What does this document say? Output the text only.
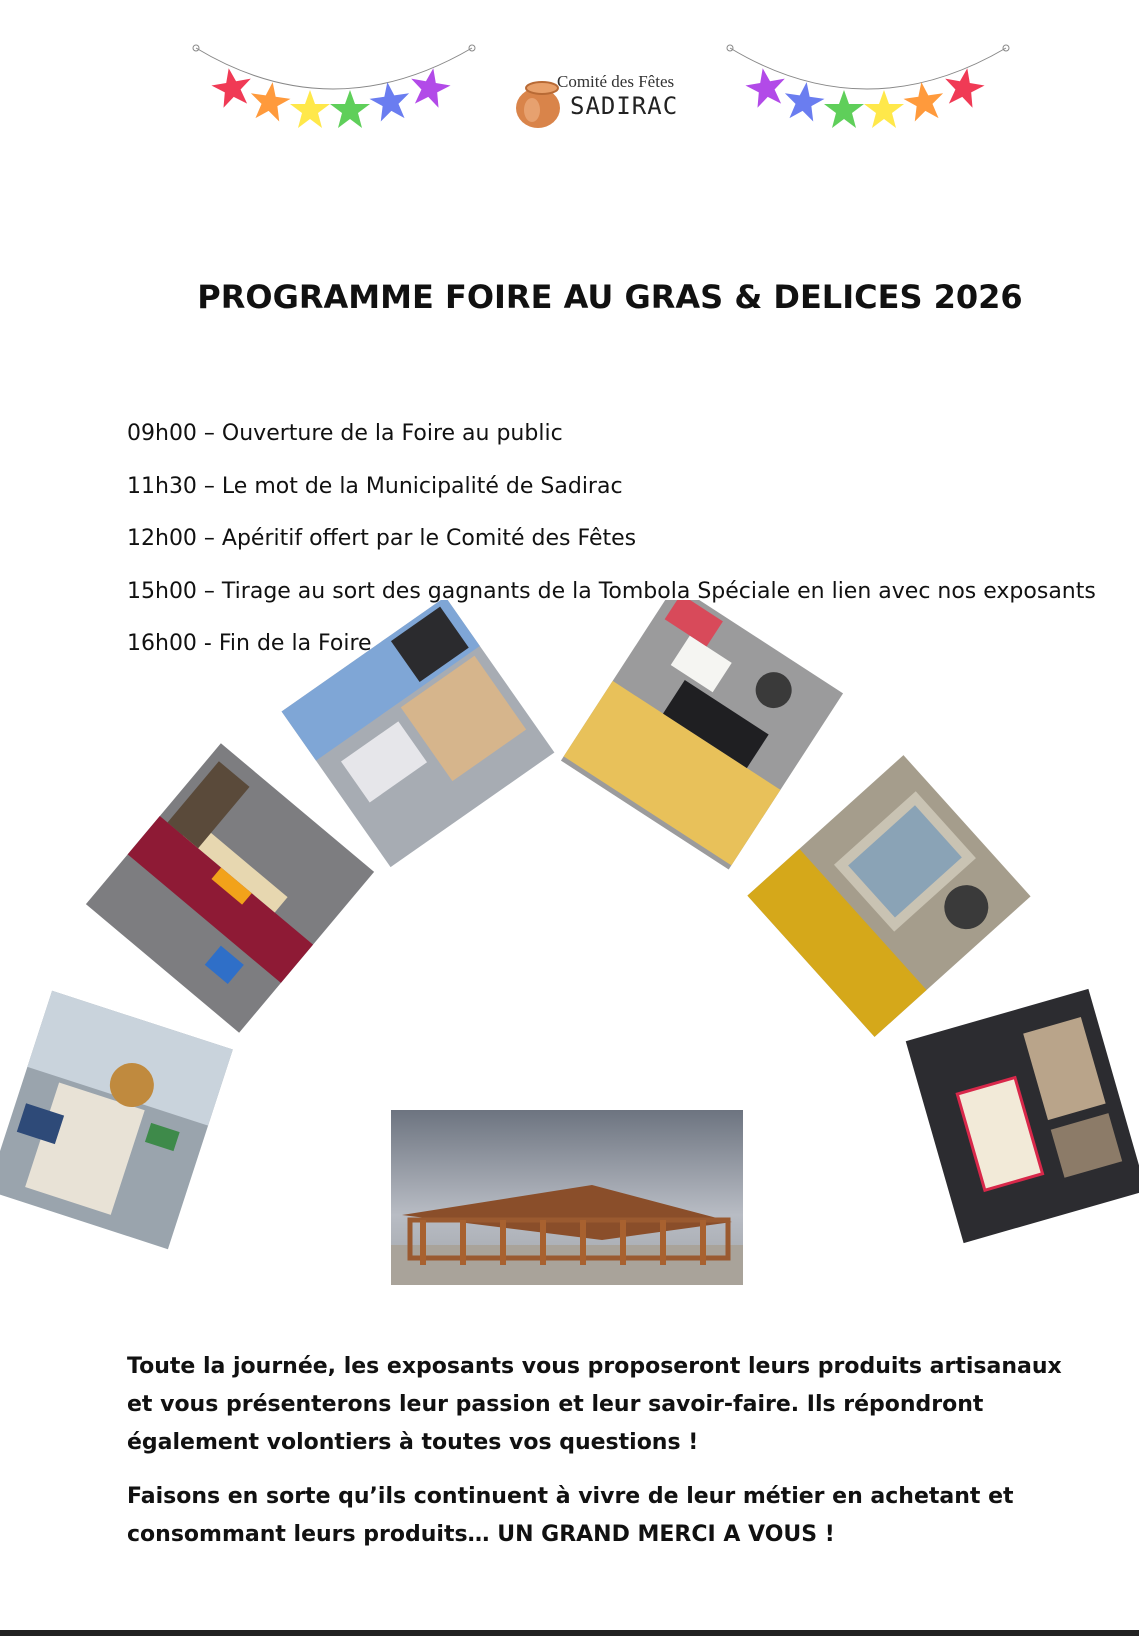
Comité des Fêtes
SADIRAC
PROGRAMME FOIRE AU GRAS & DELICES 2026
09h00 – Ouverture de la Foire au public
11h30 – Le mot de la Municipalité de Sadirac
12h00 – Apéritif offert par le Comité des Fêtes
15h00 – Tirage au sort des gagnants de la Tombola Spéciale en lien avec nos exposants
16h00 - Fin de la Foire
Toute la journée, les exposants vous proposeront leurs produits artisanaux et vous présenterons leur passion et leur savoir-faire. Ils répondront également volontiers à toutes vos questions !
Faisons en sorte qu’ils continuent à vivre de leur métier en achetant et consommant leurs produits… UN GRAND MERCI A VOUS !
